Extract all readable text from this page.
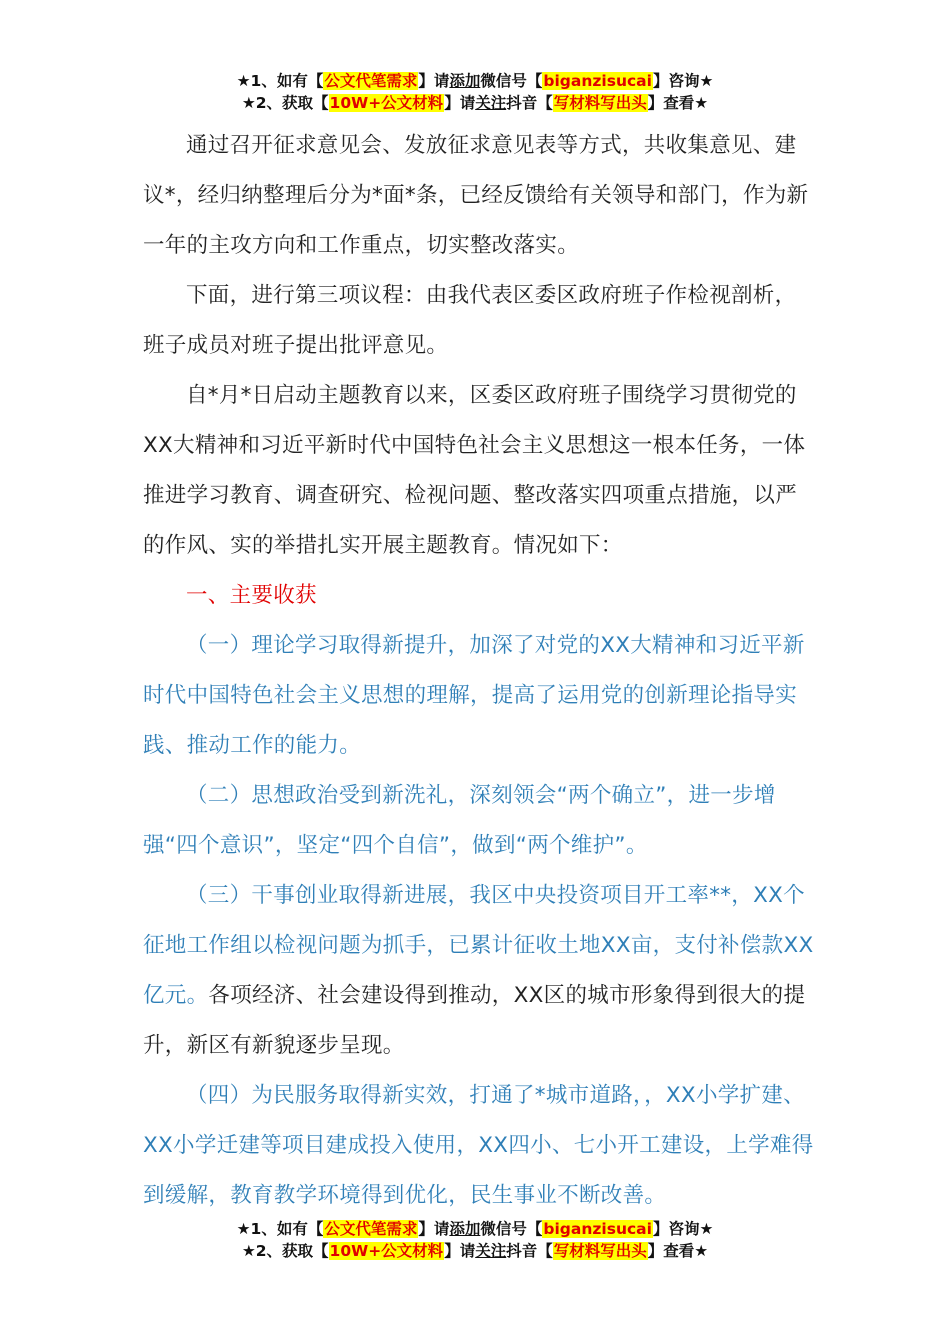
★1、如有【公文代笔需求】请添加微信号【biganzisucai】咨询★
★2、获取【10W+公文材料】请关注抖音【写材料写出头】查看★

通过召开征求意见会、发放征求意见表等方式，共收集意见、建议*，经归纳整理后分为*面*条，已经反馈给有关领导和部门，作为新一年的主攻方向和工作重点，切实整改落实。

下面，进行第三项议程：由我代表区委区政府班子作检视剖析，班子成员对班子提出批评意见。

自*月*日启动主题教育以来，区委区政府班子围绕学习贯彻党的XX大精神和习近平新时代中国特色社会主义思想这一根本任务，一体推进学习教育、调查研究、检视问题、整改落实四项重点措施，以严的作风、实的举措扎实开展主题教育。情况如下：

一、主要收获

（一）理论学习取得新提升，加深了对党的XX大精神和习近平新时代中国特色社会主义思想的理解，提高了运用党的创新理论指导实践、推动工作的能力。

（二）思想政治受到新洗礼，深刻领会“两个确立”，进一步增强“四个意识”，坚定“四个自信”，做到“两个维护”。

（三）干事创业取得新进展，我区中央投资项目开工率**，XX个征地工作组以检视问题为抓手，已累计征收土地XX亩，支付补偿款XX亿元。各项经济、社会建设得到推动，XX区的城市形象得到很大的提升，新区有新貌逐步呈现。

（四）为民服务取得新实效，打通了*城市道路，，XX小学扩建、XX小学迁建等项目建成投入使用，XX四小、七小开工建设，上学难得到缓解，教育教学环境得到优化，民生事业不断改善。

★1、如有【公文代笔需求】请添加微信号【biganzisucai】咨询★
★2、获取【10W+公文材料】请关注抖音【写材料写出头】查看★
